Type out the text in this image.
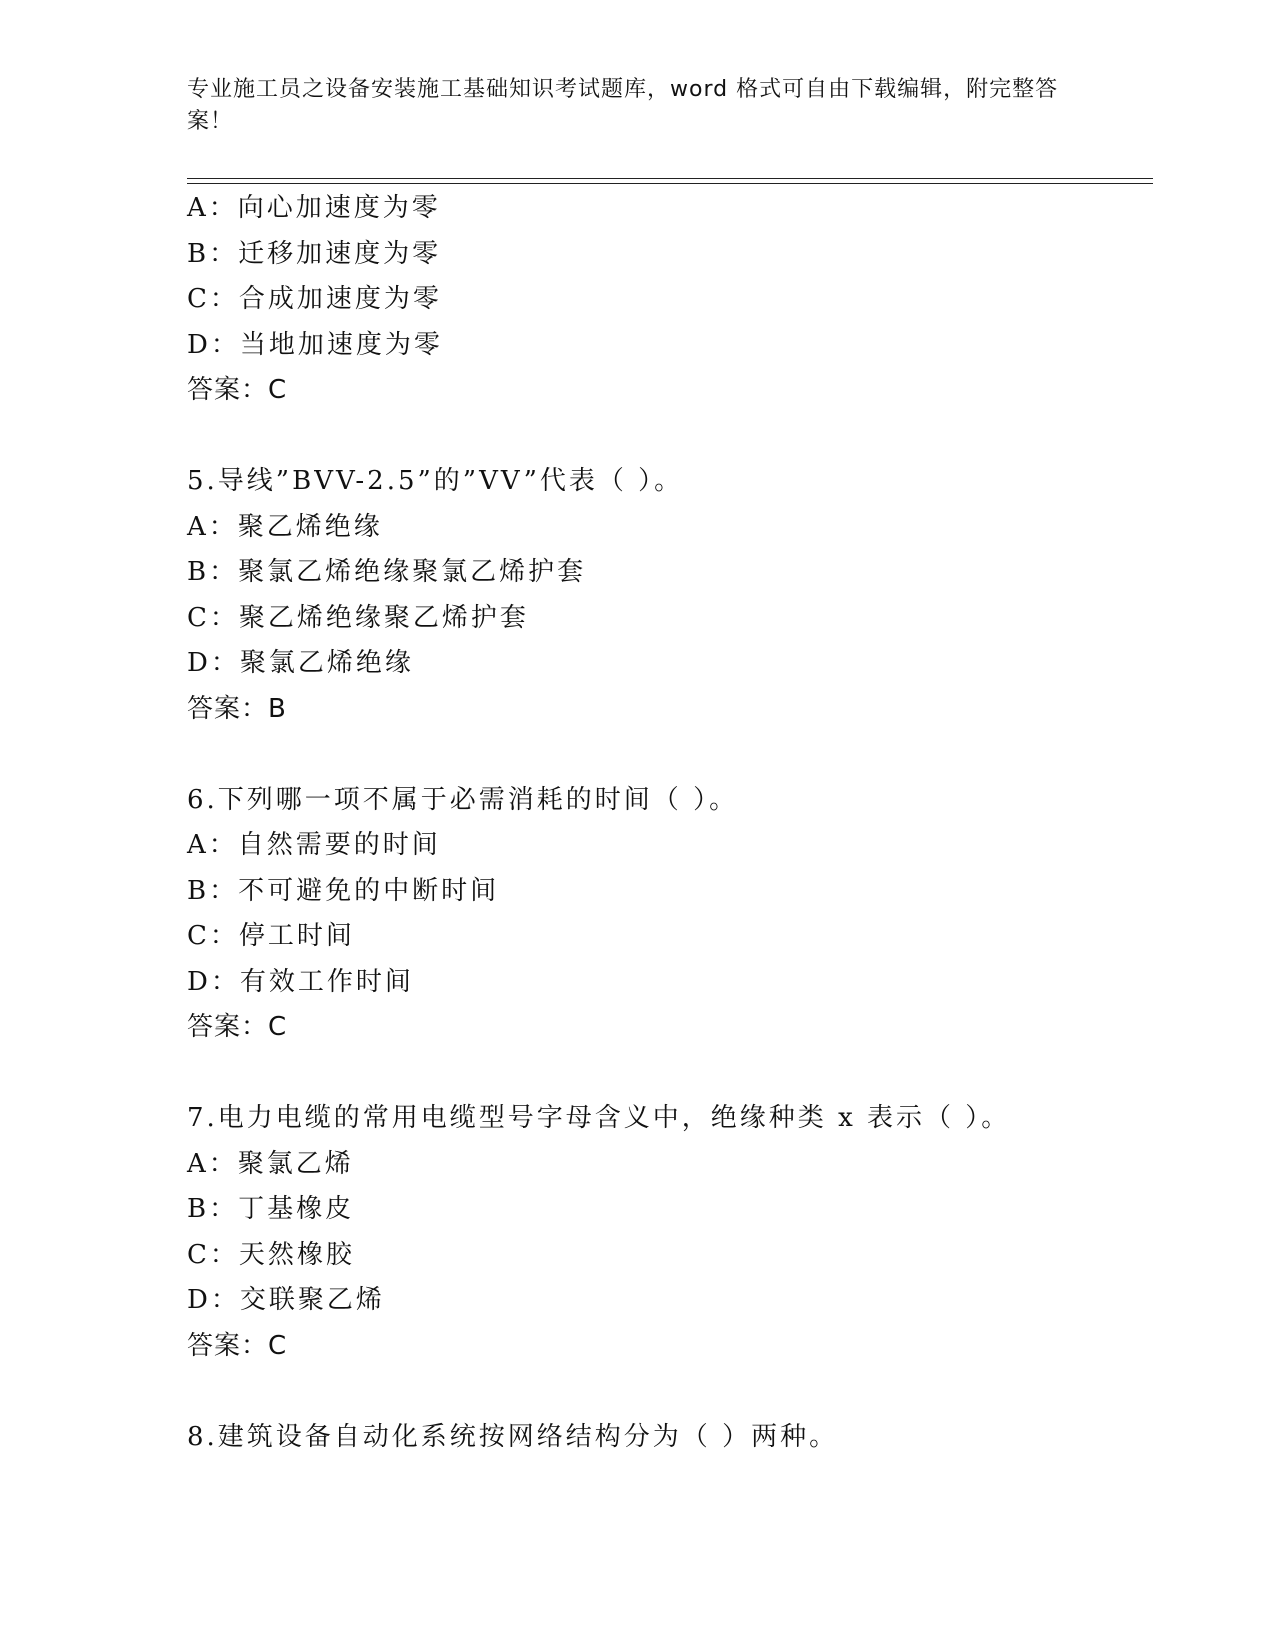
专业施工员之设备安装施工基础知识考试题库，word 格式可自由下载编辑，附完整答案！
A：向心加速度为零
B：迁移加速度为零
C：合成加速度为零
D：当地加速度为零
答案：C
5.导线”BVV-2.5”的”VV”代表（ ）。
A：聚乙烯绝缘
B：聚氯乙烯绝缘聚氯乙烯护套
C：聚乙烯绝缘聚乙烯护套
D：聚氯乙烯绝缘
答案：B
6.下列哪一项不属于必需消耗的时间（ ）。
A：自然需要的时间
B：不可避免的中断时间
C：停工时间
D：有效工作时间
答案：C
7.电力电缆的常用电缆型号字母含义中，绝缘种类 x 表示（ ）。
A：聚氯乙烯
B：丁基橡皮
C：天然橡胶
D：交联聚乙烯
答案：C
8.建筑设备自动化系统按网络结构分为（ ）两种。
